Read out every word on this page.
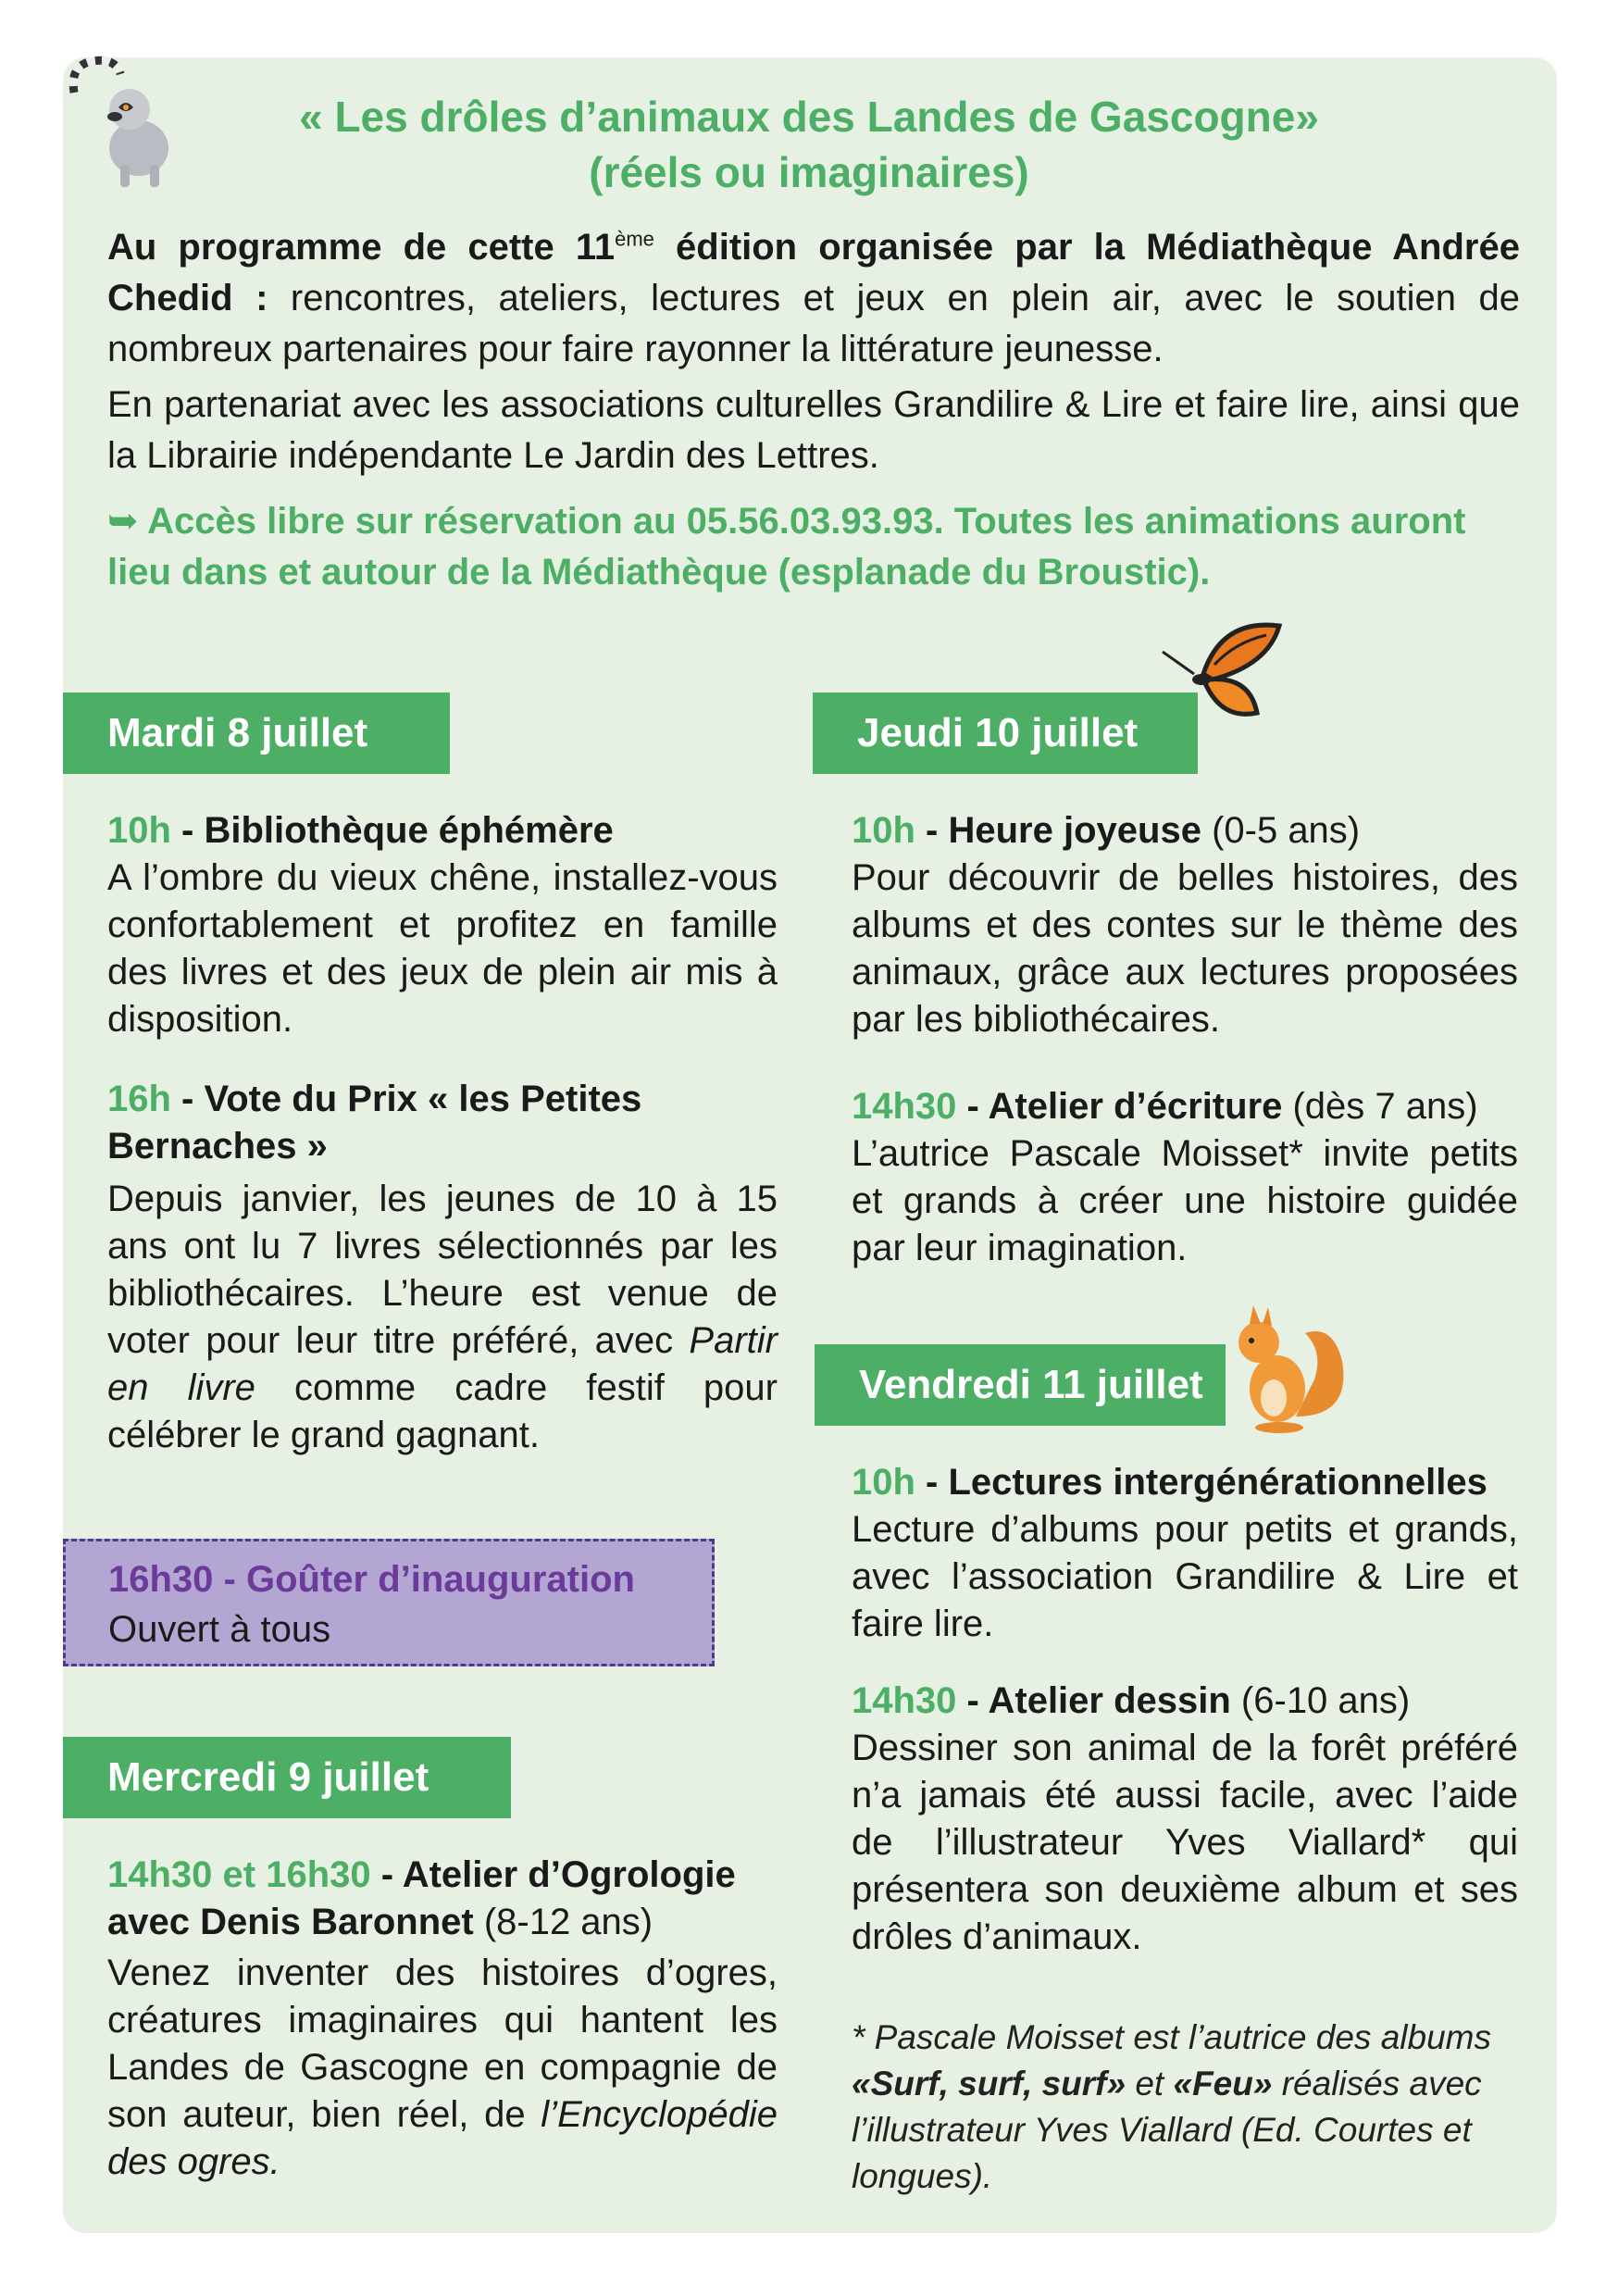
« Les drôles d’animaux des Landes de Gascogne»
(réels ou imaginaires)
Au programme de cette 11ème édition organisée par la Médiathèque Andrée Chedid : rencontres, ateliers, lectures et jeux en plein air, avec le soutien de nombreux partenaires pour faire rayonner la littérature jeunesse.
En partenariat avec les associations culturelles Grandilire & Lire et faire lire, ainsi que la Librairie indépendante Le Jardin des Lettres.
➥ Accès libre sur réservation au 05.56.03.93.93. Toutes les animations auront lieu dans et autour de la Médiathèque (esplanade du Broustic).
Mardi 8 juillet	Jeudi 10 juillet
Vendredi 11 juillet
Mercredi 9 juillet
10h - Bibliothèque éphémère

A l’ombre du vieux chêne, installez-vous confortablement et profitez en famille des livres et des jeux de plein air mis à disposition.

16h - Vote du Prix « les Petites Bernaches »

Depuis janvier, les jeunes de 10 à 15 ans ont lu 7 livres sélectionnés par les bibliothécaires. L’heure est venue de voter pour leur titre préféré, avec Partir en livre comme cadre festif pour célébrer le grand gagnant.

16h30 - Goûter d’inauguration
Ouvert à tous
14h30 et 16h30 - Atelier d’Ogrologie avec Denis Baronnet (8-12 ans)

Venez inventer des histoires d’ogres, créatures imaginaires qui hantent les Landes de Gascogne en compagnie de son auteur, bien réel, de l’Encyclopédie des ogres.

10h - Heure joyeuse (0-5 ans)

Pour découvrir de belles histoires, des albums et des contes sur le thème des animaux, grâce aux lectures proposées par les bibliothécaires.

14h30 - Atelier d’écriture (dès 7 ans)

L’autrice Pascale Moisset* invite petits et grands à créer une histoire guidée par leur imagination.

10h - Lectures intergénérationnelles

Lecture d’albums pour petits et grands, avec l’association Grandilire & Lire et faire lire.

14h30 - Atelier dessin (6-10 ans)

Dessiner son animal de la forêt préféré n’a jamais été aussi facile, avec l’aide de l’illustrateur Yves Viallard* qui présentera son deuxième album et ses drôles d’animaux.

* Pascale Moisset est l’autrice des albums «Surf, surf, surf» et «Feu» réalisés avec l’illustrateur Yves Viallard (Ed. Courtes et longues).
